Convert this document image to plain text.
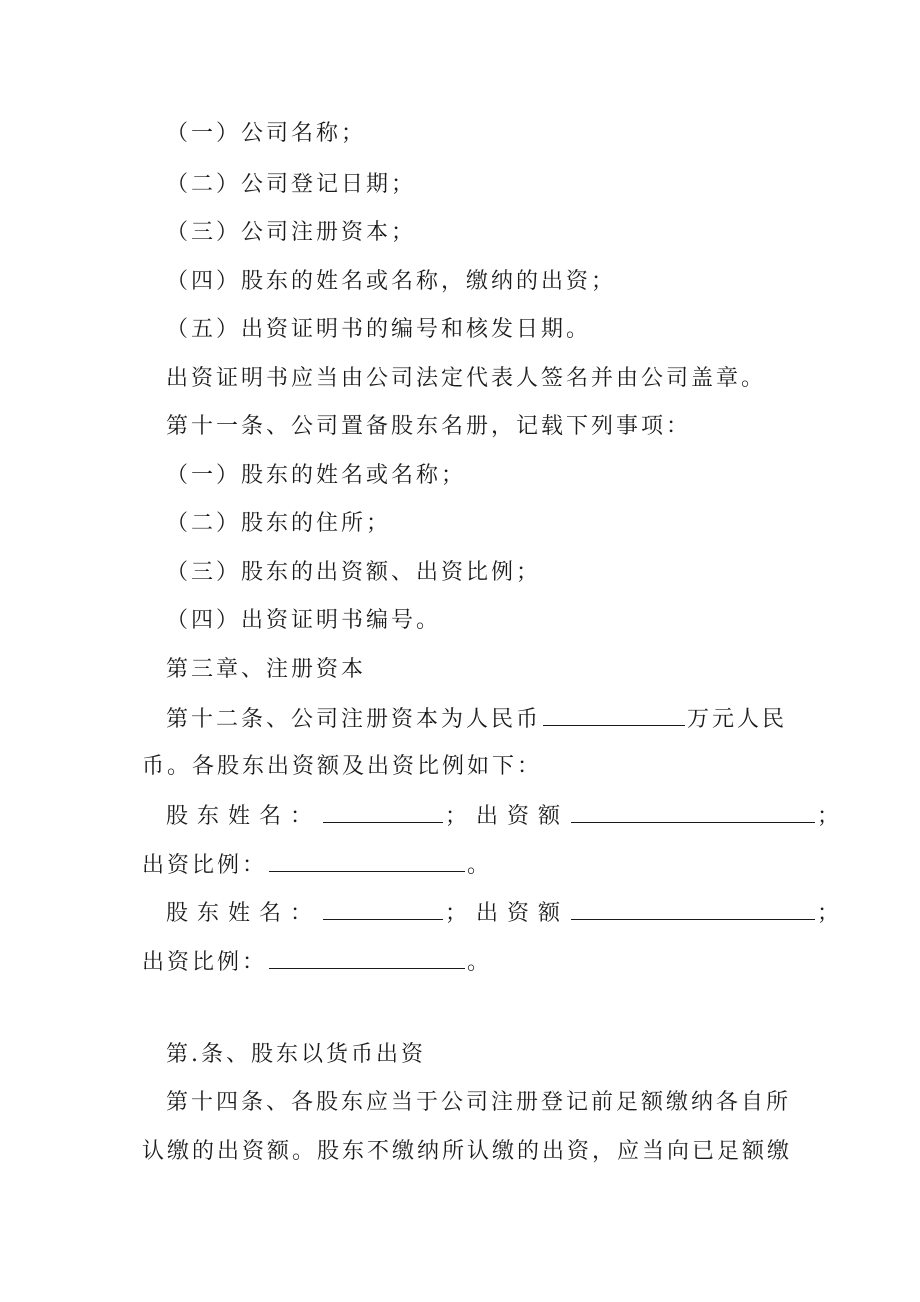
（一）公司名称；
（二）公司登记日期；
（三）公司注册资本；
（四）股东的姓名或名称，缴纳的出资；
（五）出资证明书的编号和核发日期。
出资证明书应当由公司法定代表人签名并由公司盖章。
第十一条、公司置备股东名册，记载下列事项：
（一）股东的姓名或名称；
（二）股东的住所；
（三）股东的出资额、出资比例；
（四）出资证明书编号。
第三章、注册资本
第十二条、公司注册资本为人民币	万元人民
币。各股东出资额及出资比例如下：
股东姓名：	；出资额	；
出资比例：	。
股东姓名：	；出资额	；
出资比例：	。
第.条、股东以货币出资
第十四条、各股东应当于公司注册登记前足额缴纳各自所
认缴的出资额。股东不缴纳所认缴的出资，应当向已足额缴
